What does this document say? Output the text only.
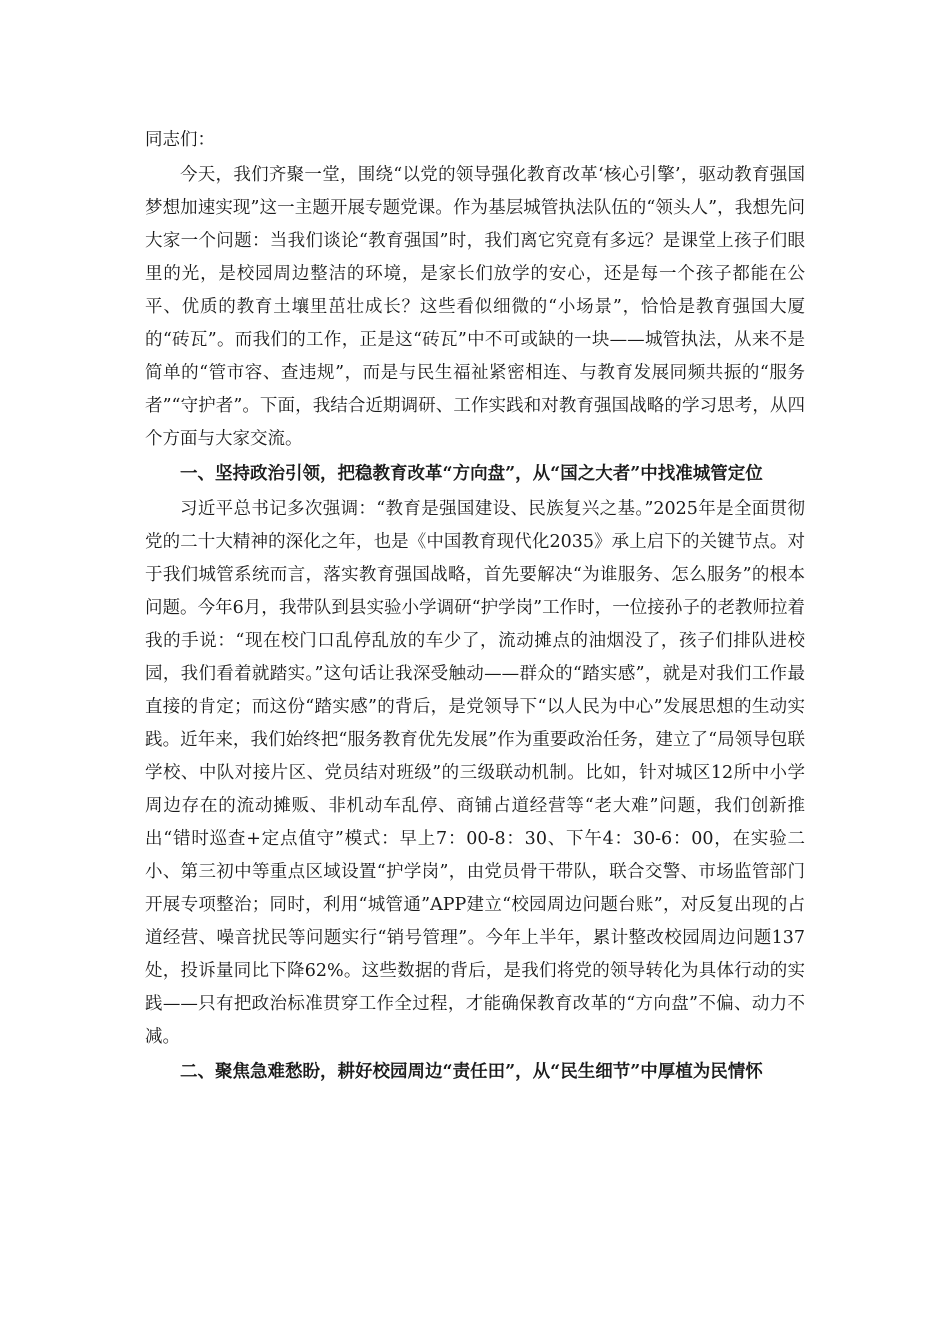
同志们：

今天，我们齐聚一堂，围绕“以党的领导强化教育改革‘核心引擎’，驱动教育强国梦想加速实现”这一主题开展专题党课。作为基层城管执法队伍的“领头人”，我想先问大家一个问题：当我们谈论“教育强国”时，我们离它究竟有多远？是课堂上孩子们眼里的光，是校园周边整洁的环境，是家长们放学的安心，还是每一个孩子都能在公平、优质的教育土壤里茁壮成长？这些看似细微的“小场景”，恰恰是教育强国大厦的“砖瓦”。而我们的工作，正是这“砖瓦”中不可或缺的一块——城管执法，从来不是简单的“管市容、查违规”，而是与民生福祉紧密相连、与教育发展同频共振的“服务者”“守护者”。下面，我结合近期调研、工作实践和对教育强国战略的学习思考，从四个方面与大家交流。

一、坚持政治引领，把稳教育改革“方向盘”，从“国之大者”中找准城管定位

习近平总书记多次强调：“教育是强国建设、民族复兴之基。”2025年是全面贯彻党的二十大精神的深化之年，也是《中国教育现代化2035》承上启下的关键节点。对于我们城管系统而言，落实教育强国战略，首先要解决“为谁服务、怎么服务”的根本问题。今年6月，我带队到县实验小学调研“护学岗”工作时，一位接孙子的老教师拉着我的手说：“现在校门口乱停乱放的车少了，流动摊点的油烟没了，孩子们排队进校园，我们看着就踏实。”这句话让我深受触动——群众的“踏实感”，就是对我们工作最直接的肯定；而这份“踏实感”的背后，是党领导下“以人民为中心”发展思想的生动实践。近年来，我们始终把“服务教育优先发展”作为重要政治任务，建立了“局领导包联学校、中队对接片区、党员结对班级”的三级联动机制。比如，针对城区12所中小学周边存在的流动摊贩、非机动车乱停、商铺占道经营等“老大难”问题，我们创新推出“错时巡查+定点值守”模式：早上7：00-8：30、下午4：30-6：00，在实验二小、第三初中等重点区域设置“护学岗”，由党员骨干带队，联合交警、市场监管部门开展专项整治；同时，利用“城管通”APP建立“校园周边问题台账”，对反复出现的占道经营、噪音扰民等问题实行“销号管理”。今年上半年，累计整改校园周边问题137处，投诉量同比下降62%。这些数据的背后，是我们将党的领导转化为具体行动的实践——只有把政治标准贯穿工作全过程，才能确保教育改革的“方向盘”不偏、动力不减。

二、聚焦急难愁盼，耕好校园周边“责任田”，从“民生细节”中厚植为民情怀
